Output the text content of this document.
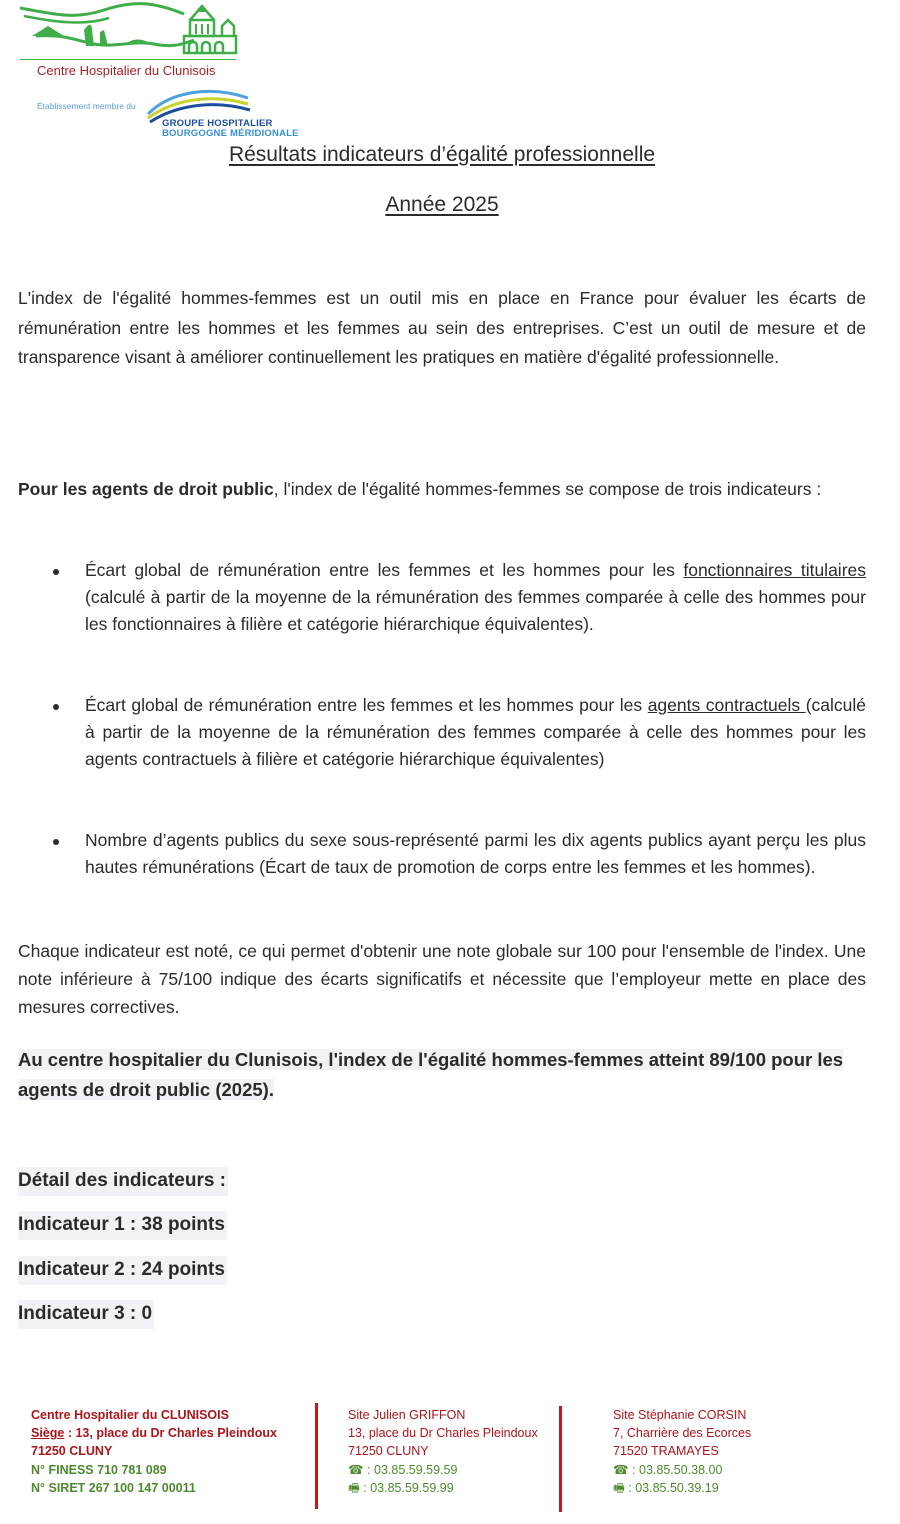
Centre Hospitalier du Clunisois
Établissement membre du
GROUPE HOSPITALIER
BOURGOGNE MÉRIDIONALE
Résultats indicateurs d’égalité professionnelle
Année 2025
L'index de l'égalité hommes-femmes est un outil mis en place en France pour évaluer les écarts de rémunération entre les hommes et les femmes au sein des entreprises. C’est un outil de mesure et de transparence visant à améliorer continuellement les pratiques en matière d'égalité professionnelle.
Pour les agents de droit public, l'index de l'égalité hommes-femmes se compose de trois indicateurs :
Écart global de rémunération entre les femmes et les hommes pour les fonctionnaires titulaires (calculé à partir de la moyenne de la rémunération des femmes comparée à celle des hommes pour les fonctionnaires à filière et catégorie hiérarchique équivalentes).
Écart global de rémunération entre les femmes et les hommes pour les agents contractuels (calculé à partir de la moyenne de la rémunération des femmes comparée à celle des hommes pour les agents contractuels à filière et catégorie hiérarchique équivalentes)
Nombre d’agents publics du sexe sous-représenté parmi les dix agents publics ayant perçu les plus hautes rémunérations (Écart de taux de promotion de corps entre les femmes et les hommes).
Chaque indicateur est noté, ce qui permet d'obtenir une note globale sur 100 pour l'ensemble de l'index. Une note inférieure à 75/100 indique des écarts significatifs et nécessite que l’employeur mette en place des mesures correctives.
Au centre hospitalier du Clunisois, l'index de l'égalité hommes-femmes atteint 89/100 pour les agents de droit public (2025).
Détail des indicateurs :
Indicateur 1 : 38 points
Indicateur 2 : 24 points
Indicateur 3 : 0
Centre Hospitalier du CLUNISOIS
Siège : 13, place du Dr Charles Pleindoux
71250 CLUNY
N° FINESS 710 781 089
N° SIRET 267 100 147 00011
Site Julien GRIFFON
13, place du Dr Charles Pleindoux
71250 CLUNY
☎ : 03.85.59.59.59
🖷 : 03.85.59.59.99
Site Stéphanie CORSIN
7, Charrière des Ecorces
71520 TRAMAYES
☎ : 03.85.50.38.00
🖷 : 03.85.50.39.19
